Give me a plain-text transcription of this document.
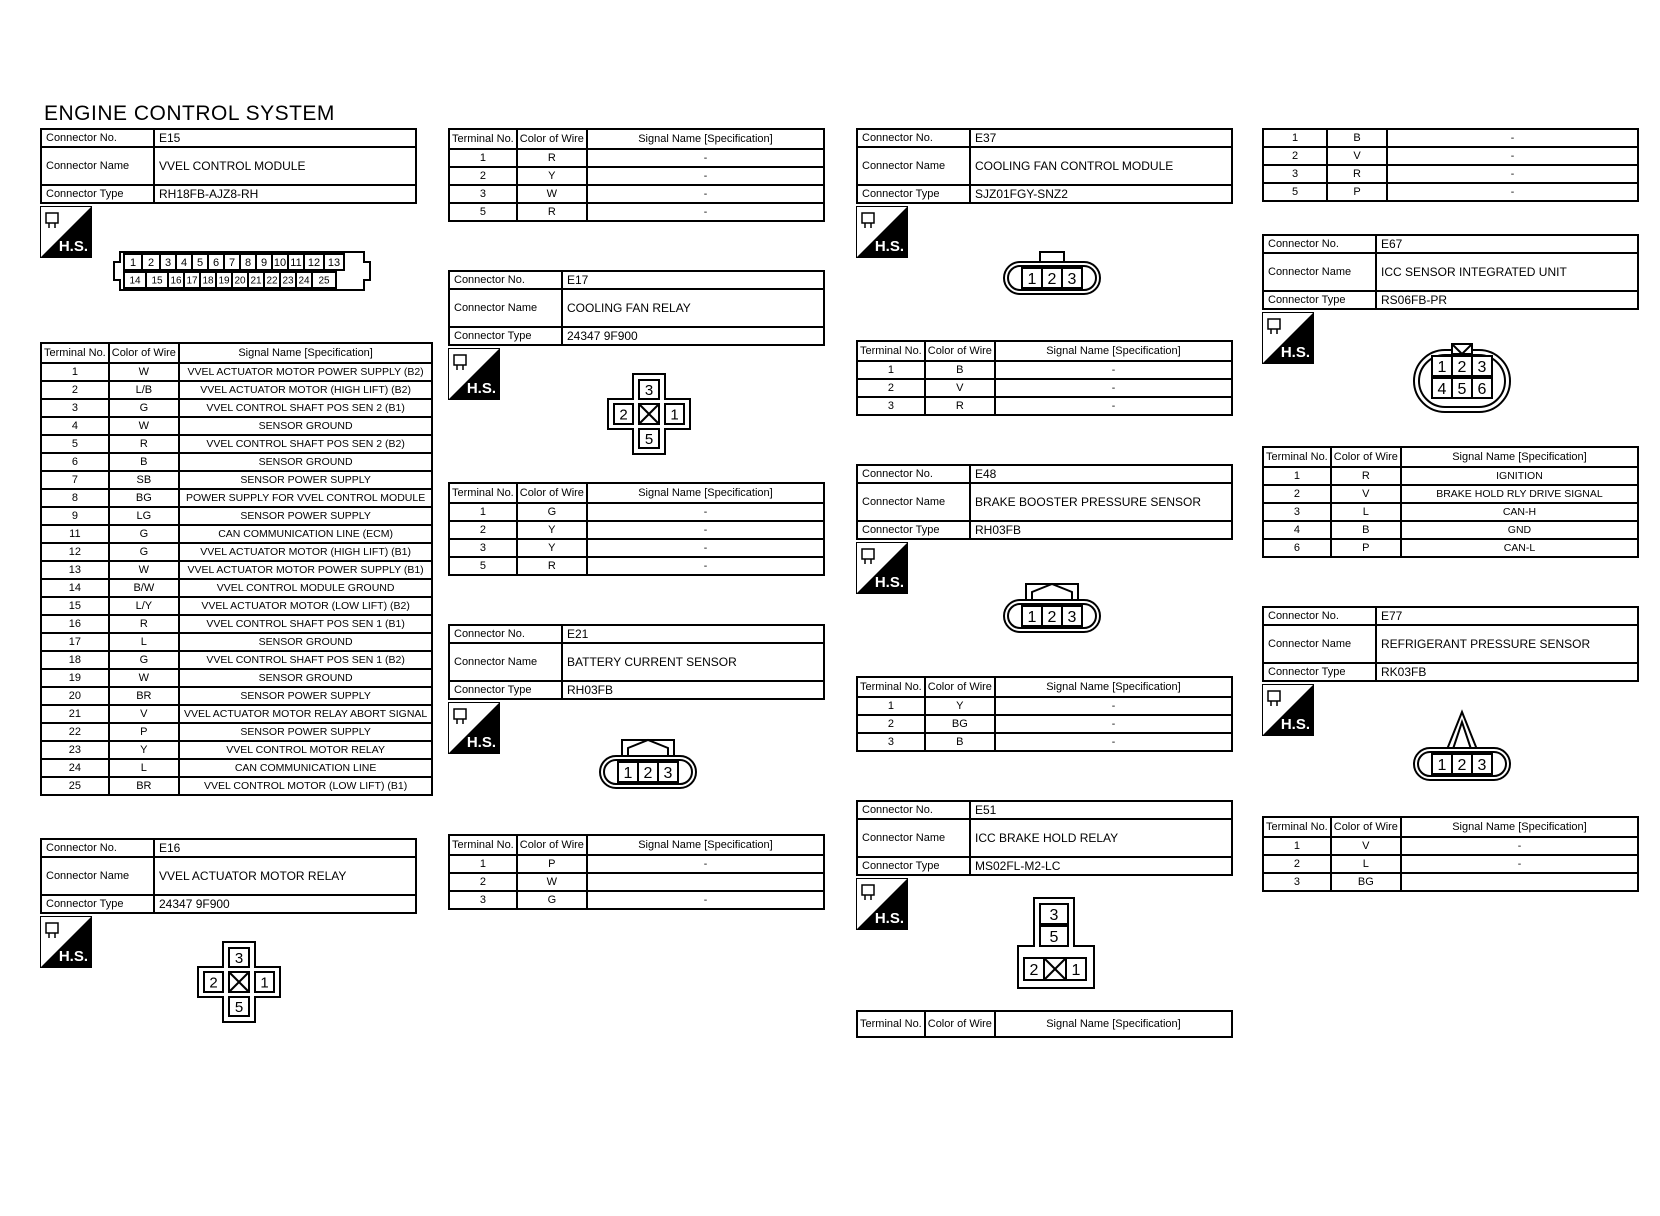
ENGINE CONTROL SYSTEM
Connector No.	E15
Connector Name	VVEL CONTROL MODULE
Connector Type	RH18FB-AJZ8-RH
H.S.
1 2 3 4 5 6 7 8 9 10 11 12 13
14 15 16 17 18 19 20 21 22 23 24 25
Terminal No.	Color of Wire	Signal Name [Specification]
1	W	VVEL ACTUATOR MOTOR POWER SUPPLY (B2)
2	L/B	VVEL ACTUATOR MOTOR (HIGH LIFT) (B2)
3	G	VVEL CONTROL SHAFT POS SEN 2 (B1)
4	W	SENSOR GROUND
5	R	VVEL CONTROL SHAFT POS SEN 2 (B2)
6	B	SENSOR GROUND
7	SB	SENSOR POWER SUPPLY
8	BG	POWER SUPPLY FOR VVEL CONTROL MODULE
9	LG	SENSOR POWER SUPPLY
11	G	CAN COMMUNICATION LINE (ECM)
12	G	VVEL ACTUATOR MOTOR (HIGH LIFT) (B1)
13	W	VVEL ACTUATOR MOTOR POWER SUPPLY (B1)
14	B/W	VVEL CONTROL MODULE GROUND
15	L/Y	VVEL ACTUATOR MOTOR (LOW LIFT) (B2)
16	R	VVEL CONTROL SHAFT POS SEN 1 (B1)
17	L	SENSOR GROUND
18	G	VVEL CONTROL SHAFT POS SEN 1 (B2)
19	W	SENSOR GROUND
20	BR	SENSOR POWER SUPPLY
21	V	VVEL ACTUATOR MOTOR RELAY ABORT SIGNAL
22	P	SENSOR POWER SUPPLY
23	Y	VVEL CONTROL MOTOR RELAY
24	L	CAN COMMUNICATION LINE
25	BR	VVEL CONTROL MOTOR (LOW LIFT) (B1)
Connector No.	E16
Connector Name	VVEL ACTUATOR MOTOR RELAY
Connector Type	24347 9F900
H.S.	3
2	1
5
Terminal No.	Color of Wire	Signal Name [Specification]
1	R	-
2	Y	-
3	W	-
5	R	-
Connector No.	E17
Connector Name	COOLING FAN RELAY
Connector Type	24347 9F900
H.S.	3
2	1
5
Terminal No.	Color of Wire	Signal Name [Specification]
1	G	-
2	Y	-
3	Y	-
5	R	-
Connector No.	E21
Connector Name	BATTERY CURRENT SENSOR
Connector Type	RH03FB
H.S.
1 2 3
Terminal No.	Color of Wire	Signal Name [Specification]
1	P	-
2	W	
3	G	-
Connector No.	E37
Connector Name	COOLING FAN CONTROL MODULE
Connector Type	SJZ01FGY-SNZ2
H.S.
1 2 3
Terminal No.	Color of Wire	Signal Name [Specification]
1	B	-
2	V	-
3	R	-
Connector No.	E48
Connector Name	BRAKE BOOSTER PRESSURE SENSOR
Connector Type	RH03FB
H.S.
1 2 3
Terminal No.	Color of Wire	Signal Name [Specification]
1	Y	-
2	BG	-
3	B	-
Connector No.	E51
Connector Name	ICC BRAKE HOLD RELAY
Connector Type	MS02FL-M2-LC
H.S.	3
5
2 1
Terminal No.	Color of Wire	Signal Name [Specification]
1	B	-
2	V	-
3	R	-
5	P	-
Connector No.	E67
Connector Name	ICC SENSOR INTEGRATED UNIT
Connector Type	RS06FB-PR
H.S.
1 2 3
4 5 6
Terminal No.	Color of Wire	Signal Name [Specification]
1	R	IGNITION
2	V	BRAKE HOLD RLY DRIVE SIGNAL
3	L	CAN-H
4	B	GND
6	P	CAN-L
Connector No.	E77
Connector Name	REFRIGERANT PRESSURE SENSOR
Connector Type	RK03FB
H.S.
1 2 3
Terminal No.	Color of Wire	Signal Name [Specification]
1	V	-
2	L	-
3	BG	
